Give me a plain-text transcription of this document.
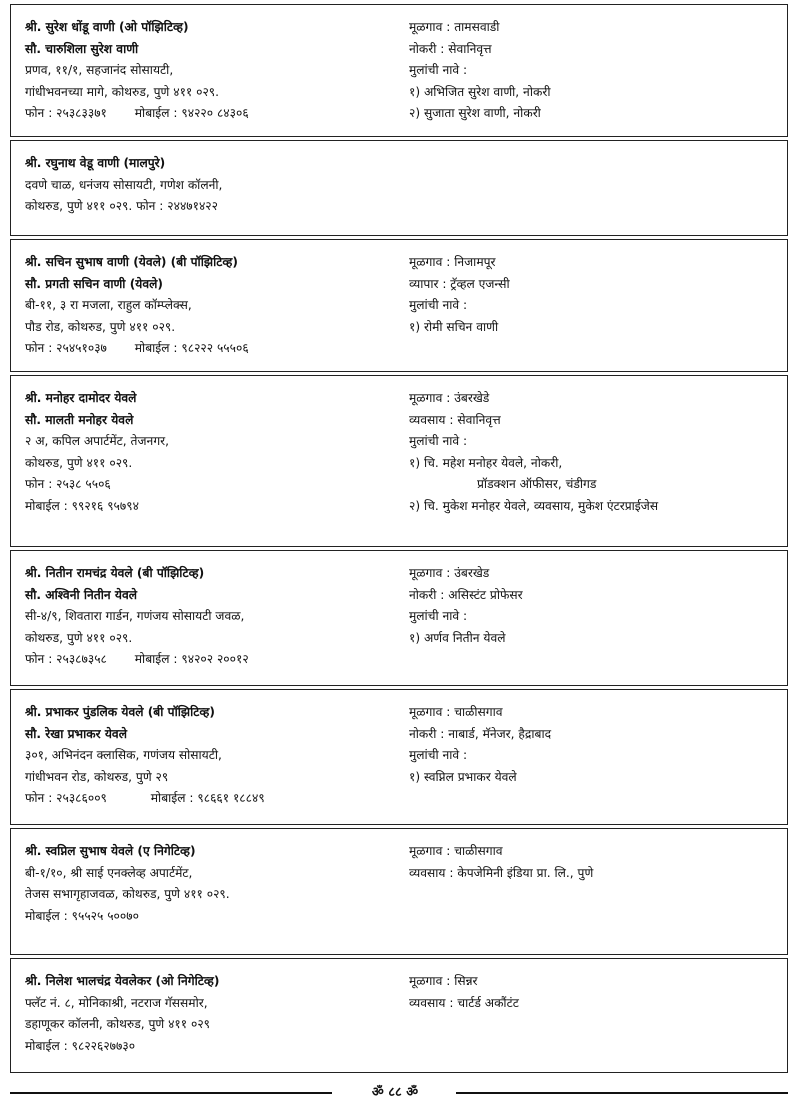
श्री. सुरेश धोंडू वाणी (ओ पॉझिटिव्ह)
सौ. चारुशिला सुरेश वाणी
प्रणव, ११/१, सहजानंद सोसायटी,
गांधीभवनच्या मागे, कोथरुड, पुणे ४११ ०२९.
फोन : २५३८३३७१ मोबाईल : ९४२२० ८४३०६
मूळगाव : तामसवाडी
नोकरी : सेवानिवृत्त
मुलांची नावे :
१) अभिजित सुरेश वाणी, नोकरी
२) सुजाता सुरेश वाणी, नोकरी
श्री. रघुनाथ वेडू वाणी (मालपुरे)
दवणे चाळ, धनंजय सोसायटी, गणेश कॉलनी,
कोथरुड, पुणे ४११ ०२९. फोन : २४४७१४२२
श्री. सचिन सुभाष वाणी (येवले) (बी पॉझिटिव्ह)
सौ. प्रगती सचिन वाणी (येवले)
बी-११, ३ रा मजला, राहुल कॉम्प्लेक्स,
पौड रोड, कोथरुड, पुणे ४११ ०२९.
फोन : २५४५१०३७ मोबाईल : ९८२२२ ५५५०६
मूळगाव : निजामपूर
व्यापार : ट्रॅव्हल एजन्सी
मुलांची नावे :
१) रोमी सचिन वाणी
श्री. मनोहर दामोदर येवले
सौ. मालती मनोहर येवले
२ अ, कपिल अपार्टमेंट, तेजनगर,
कोथरुड, पुणे ४११ ०२९.
फोन : २५३८ ५५०६
मोबाईल : ९९२१६ ९५७९४
मूळगाव : उंबरखेडे
व्यवसाय : सेवानिवृत्त
मुलांची नावे :
१) चि. महेश मनोहर येवले, नोकरी,
प्रॉडक्शन ऑफीसर, चंडीगड
२) चि. मुकेश मनोहर येवले, व्यवसाय, मुकेश एंटरप्राईजेस
श्री. नितीन रामचंद्र येवले (बी पॉझिटिव्ह)
सौ. अश्विनी नितीन येवले
सी-४/९, शिवतारा गार्डन, गणंजय सोसायटी जवळ,
कोथरुड, पुणे ४११ ०२९.
फोन : २५३८७३५८ मोबाईल : ९४२०२ २००१२
मूळगाव : उंबरखेड
नोकरी : असिस्टंट प्रोफेसर
मुलांची नावे :
१) अर्णव नितीन येवले
श्री. प्रभाकर पुंडलिक येवले (बी पॉझिटिव्ह)
सौ. रेखा प्रभाकर येवले
३०१, अभिनंदन क्लासिक, गणंजय सोसायटी,
गांधीभवन रोड, कोथरुड, पुणे २९
फोन : २५३८६००९	मोबाईल : ९८६६१ १८८४९
मूळगाव : चाळीसगाव
नोकरी : नाबार्ड, मॅनेजर, हैद्राबाद
मुलांची नावे :
१) स्वप्निल प्रभाकर येवले
श्री. स्वप्निल सुभाष येवले (ए निगेटिव्ह)
बी-१/१०, श्री साई एनक्लेव्ह अपार्टमेंट,
तेजस सभागृहाजवळ, कोथरुड, पुणे ४११ ०२९.
मोबाईल : ९५५२५ ५००७०
मूळगाव : चाळीसगाव
व्यवसाय : केपजेमिनी इंडिया प्रा. लि., पुणे
श्री. निलेश भालचंद्र येवलेकर (ओ निगेटिव्ह)
फ्लॅट नं. ८, मोनिकाश्री, नटराज गॅससमोर,
डहाणूकर कॉलनी, कोथरुड, पुणे ४११ ०२९
मोबाईल : ९८२२६२७७३०
मूळगाव : सिन्नर
व्यवसाय : चार्टर्ड अकौंटंट
ॐ ८८ ॐ
